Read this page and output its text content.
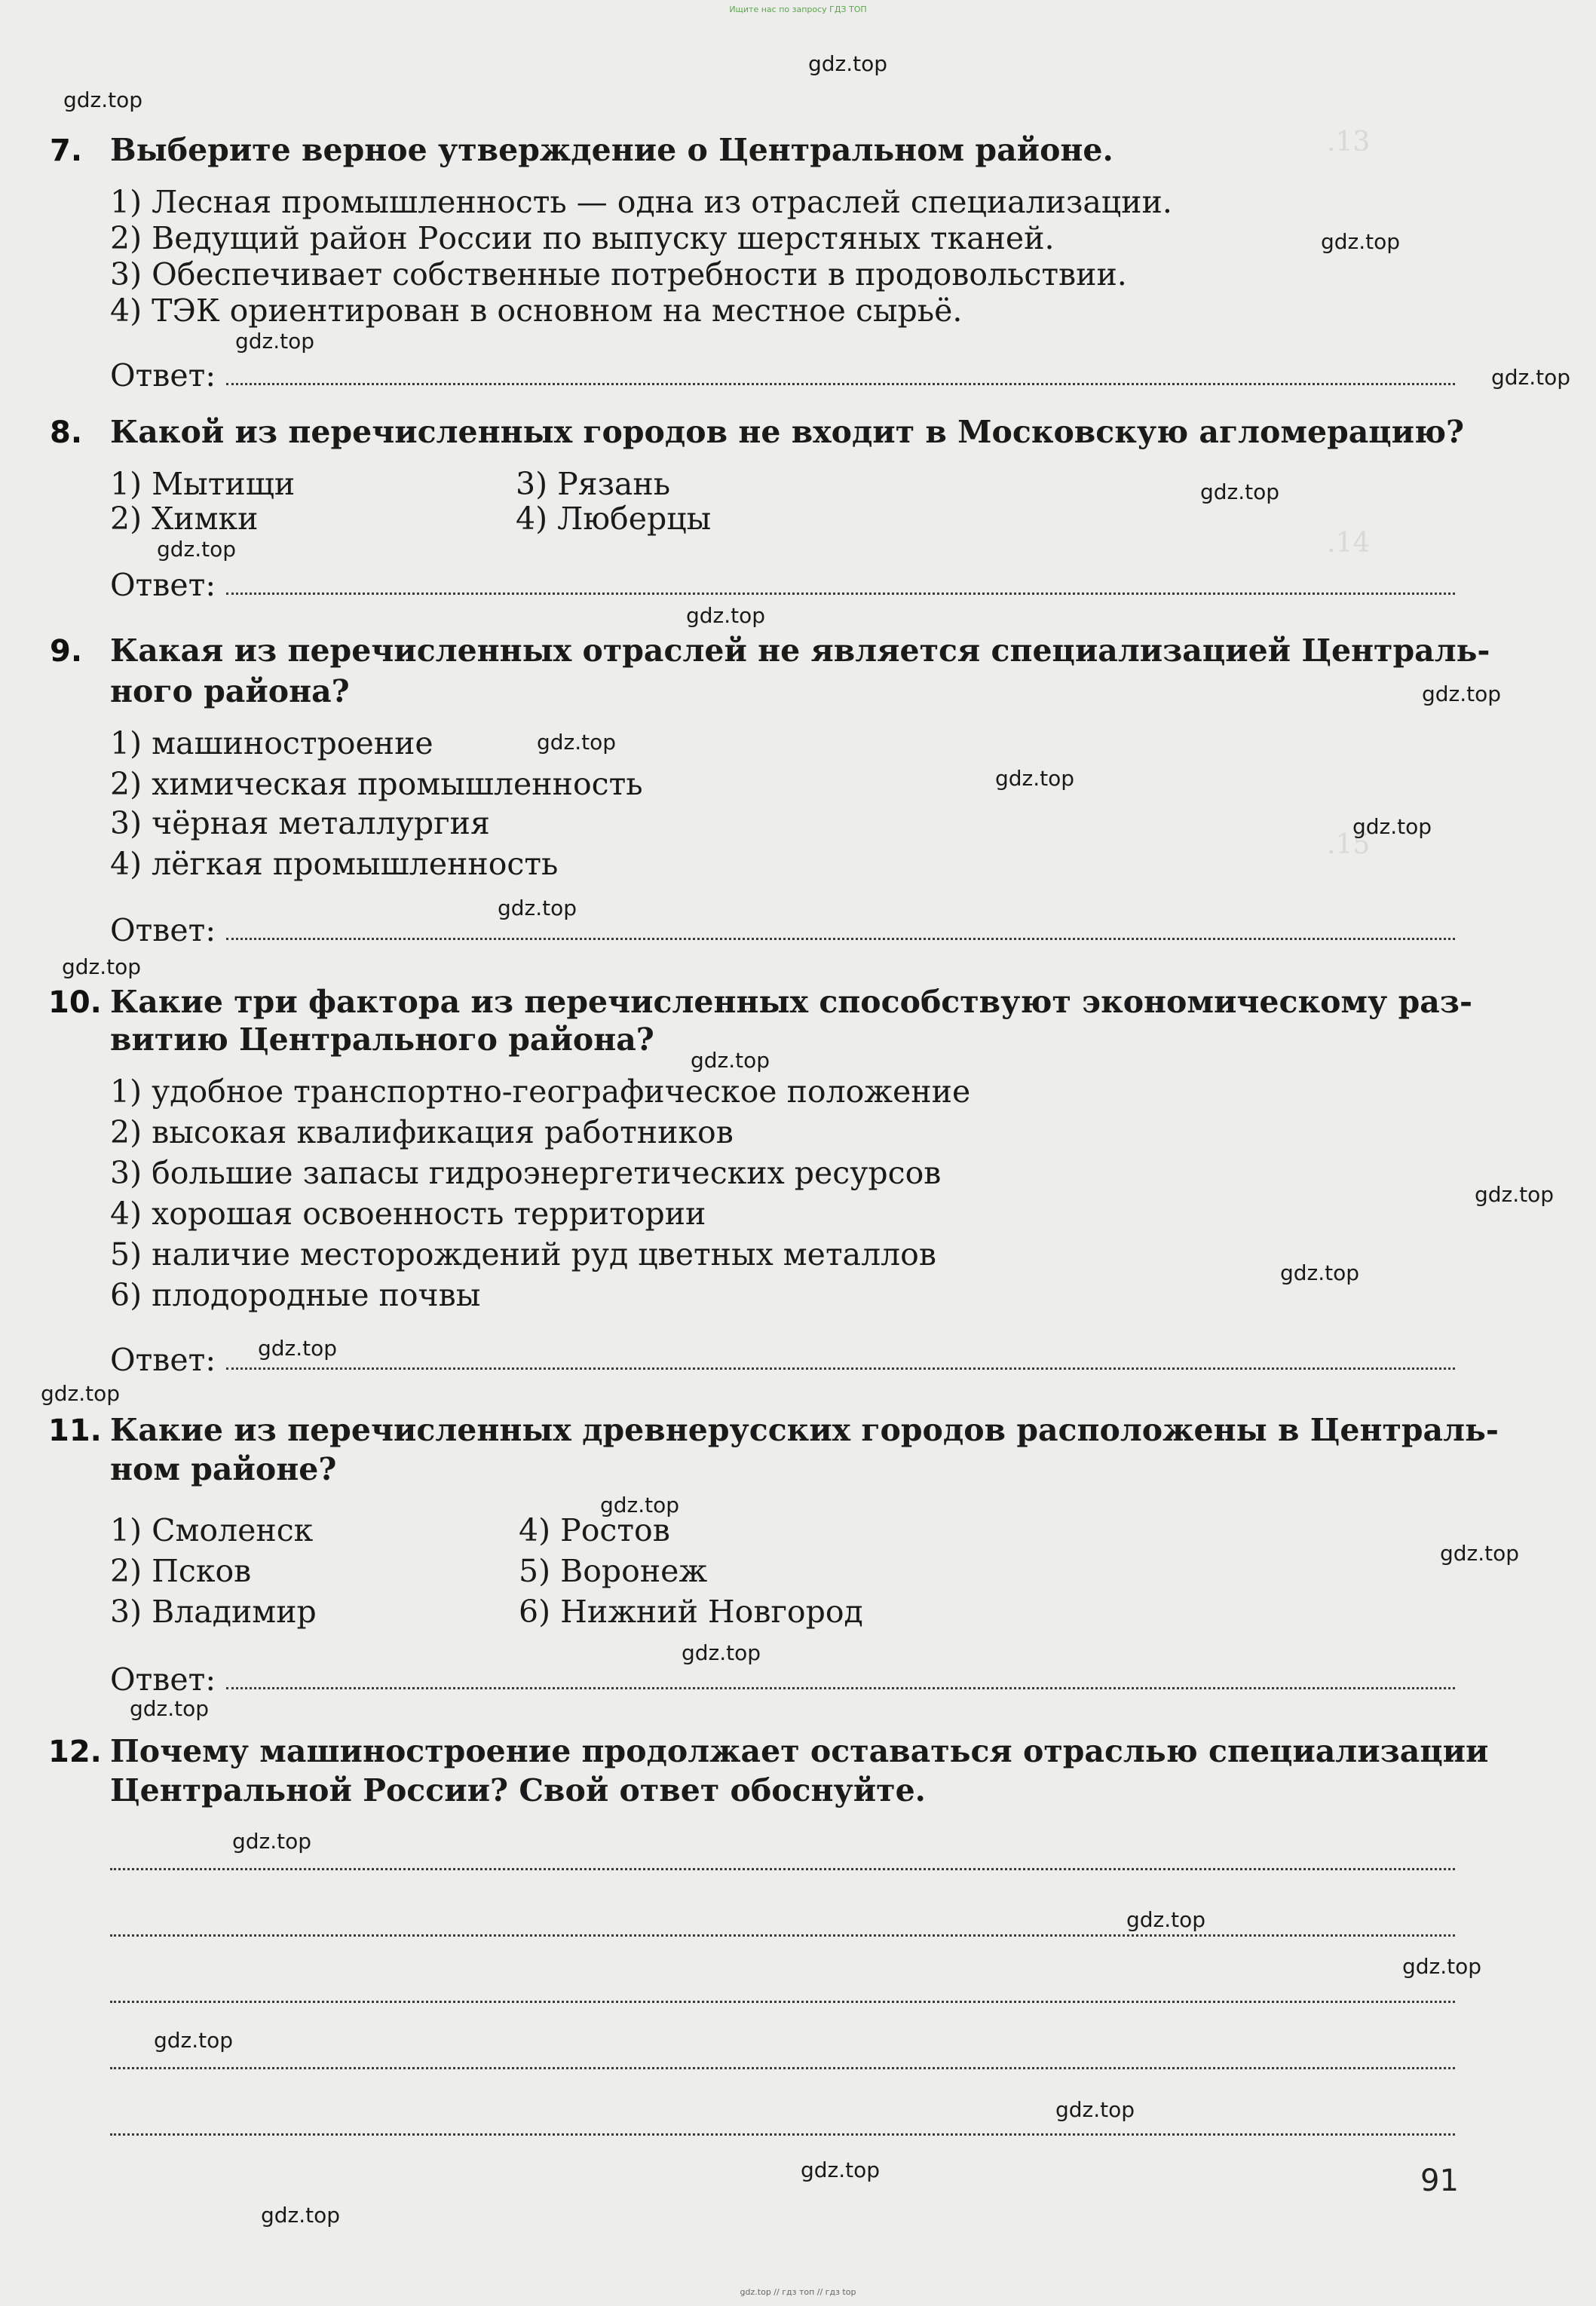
.13
.14
.15
Ищите нас по запросу ГДЗ ТОП
gdz.top
gdz.top
gdz.top
gdz.top
gdz.top
gdz.top
gdz.top
gdz.top
gdz.top
gdz.top
gdz.top
gdz.top
gdz.top
gdz.top
gdz.top
gdz.top
gdz.top
gdz.top
gdz.top
gdz.top
gdz.top
gdz.top
gdz.top
gdz.top
gdz.top
gdz.top
gdz.top
gdz.top
gdz.top
gdz.top
7. Выберите верное утверждение о Центральном районе.
1) Лесная промышленность — одна из отраслей специализации.
2) Ведущий район России по выпуску шерстяных тканей.
3) Обеспечивает собственные потребности в продовольствии.
4) ТЭК ориентирован в основном на местное сырьё.
Ответ:
8. Какой из перечисленных городов не входит в Московскую агломерацию?
1) Мытищи
2) Химки
3) Рязань
4) Люберцы
Ответ:
9. Какая из перечисленных отраслей не является специализацией Централь-
ного района?
1) машиностроение
2) химическая промышленность
3) чёрная металлургия
4) лёгкая промышленность
Ответ:
10. Какие три фактора из перечисленных способствуют экономическому раз-
витию Центрального района?
1) удобное транспортно-географическое положение
2) высокая квалификация работников
3) большие запасы гидроэнергетических ресурсов
4) хорошая освоенность территории
5) наличие месторождений руд цветных металлов
6) плодородные почвы
Ответ:
11. Какие из перечисленных древнерусских городов расположены в Централь-
ном районе?
1) Смоленск
2) Псков
3) Владимир
4) Ростов
5) Воронеж
6) Нижний Новгород
Ответ:
12. Почему машиностроение продолжает оставаться отраслью специализации
Центральной России? Свой ответ обоснуйте.
91
gdz.top // гдз топ // гдз top
